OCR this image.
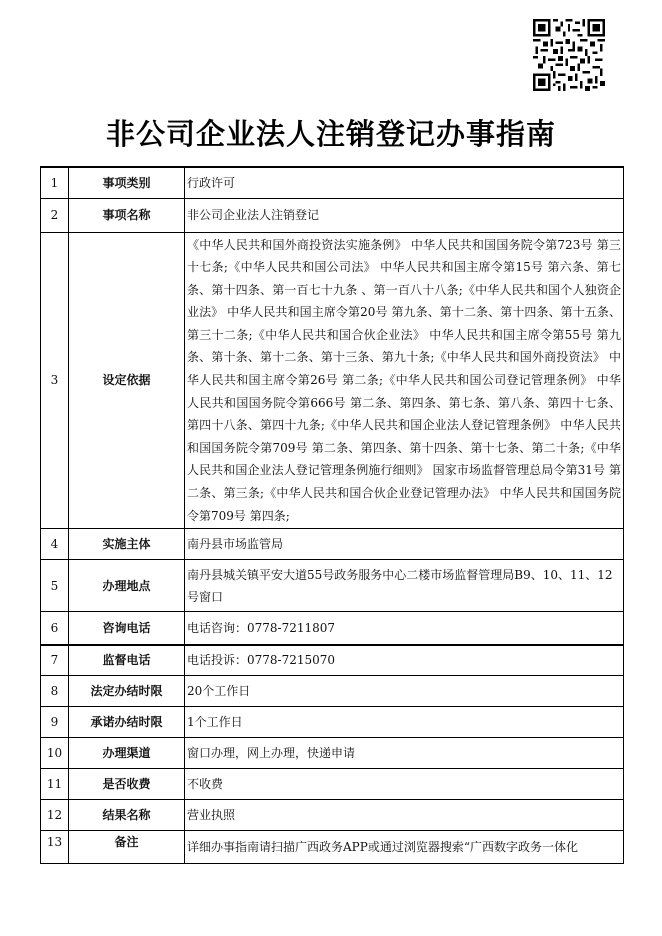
非公司企业法人注销登记办事指南
1	事项类别	行政许可
2	事项名称	非公司企业法人注销登记
3	设定依据	《中华人民共和国外商投资法实施条例》 中华人民共和国国务院令第723号 第三十七条;《中华人民共和国公司法》 中华人民共和国主席令第15号 第六条、第七条、第十四条、第一百七十九条 、第一百八十八条;《中华人民共和国个人独资企业法》 中华人民共和国主席令第20号 第九条、第十二条、第十四条、第十五条、第三十二条;《中华人民共和国合伙企业法》 中华人民共和国主席令第55号 第九条、第十条、第十二条、第十三条、第九十条;《中华人民共和国外商投资法》 中华人民共和国主席令第26号 第二条;《中华人民共和国公司登记管理条例》 中华人民共和国国务院令第666号 第二条、第四条、第七条、第八条、第四十七条、第四十八条、第四十九条;《中华人民共和国企业法人登记管理条例》 中华人民共和国国务院令第709号 第二条、第四条、第十四条、第十七条、第二十条;《中华人民共和国企业法人登记管理条例施行细则》 国家市场监督管理总局令第31号 第二条、第三条;《中华人民共和国合伙企业登记管理办法》 中华人民共和国国务院令第709号 第四条;
4	实施主体	南丹县市场监管局
5	办理地点	南丹县城关镇平安大道55号政务服务中心二楼市场监督管理局B9、10、11、12号窗口
6	咨询电话	电话咨询：0778-7211807
7	监督电话	电话投诉：0778-7215070
8	法定办结时限	20个工作日
9	承诺办结时限	1个工作日
10	办理渠道	窗口办理，网上办理，快递申请
11	是否收费	不收费
12	结果名称	营业执照
13	备注	详细办事指南请扫描广西政务APP或通过浏览器搜索“广西数字政务一体化
